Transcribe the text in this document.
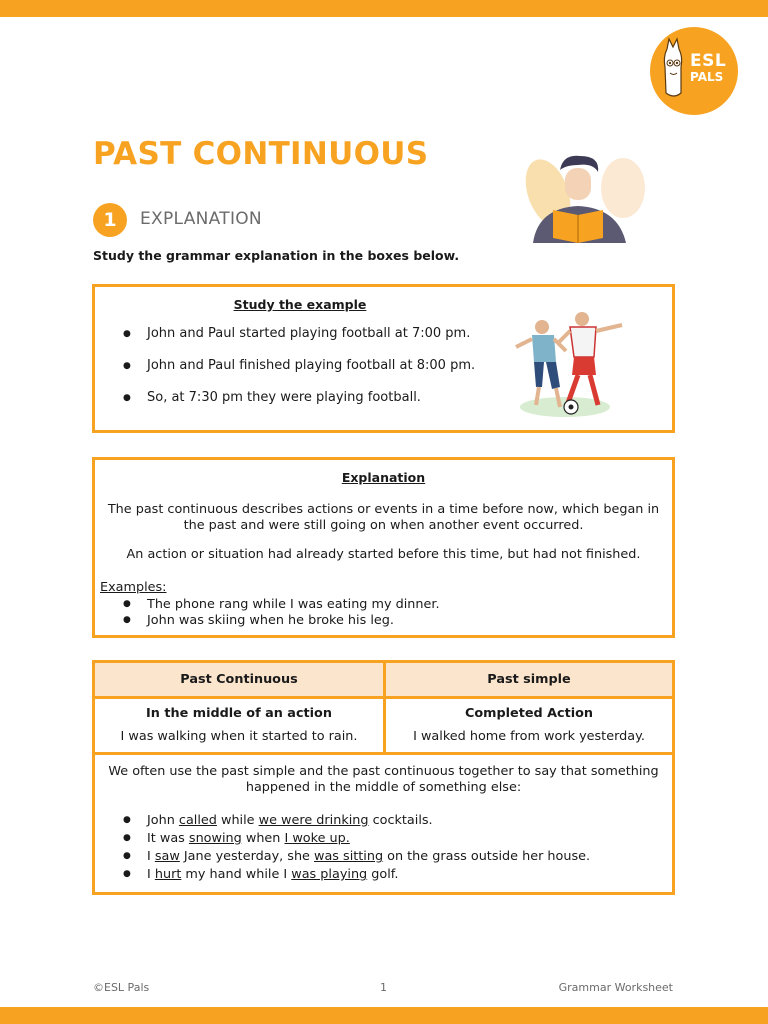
ESL
PALS
PAST CONTINUOUS
1	EXPLANATION
Study the grammar explanation in the boxes below.
Study the example
● John and Paul started playing football at 7:00 pm.
● John and Paul finished playing football at 8:00 pm.
● So, at 7:30 pm they were playing football.
Explanation
The past continuous describes actions or events in a time before now, which began in the past and were still going on when another event occurred.
An action or situation had already started before this time, but had not finished.
Examples:
● The phone rang while I was eating my dinner.
● John was skiing when he broke his leg.
Past Continuous	Past simple
In the middle of an action	Completed Action
I was walking when it started to rain.	I walked home from work yesterday.
We often use the past simple and the past continuous together to say that something happened in the middle of something else:
● John called while we were drinking cocktails.
● It was snowing when I woke up.
● I saw Jane yesterday, she was sitting on the grass outside her house.
● I hurt my hand while I was playing golf.
©ESL Pals	1	Grammar Worksheet
